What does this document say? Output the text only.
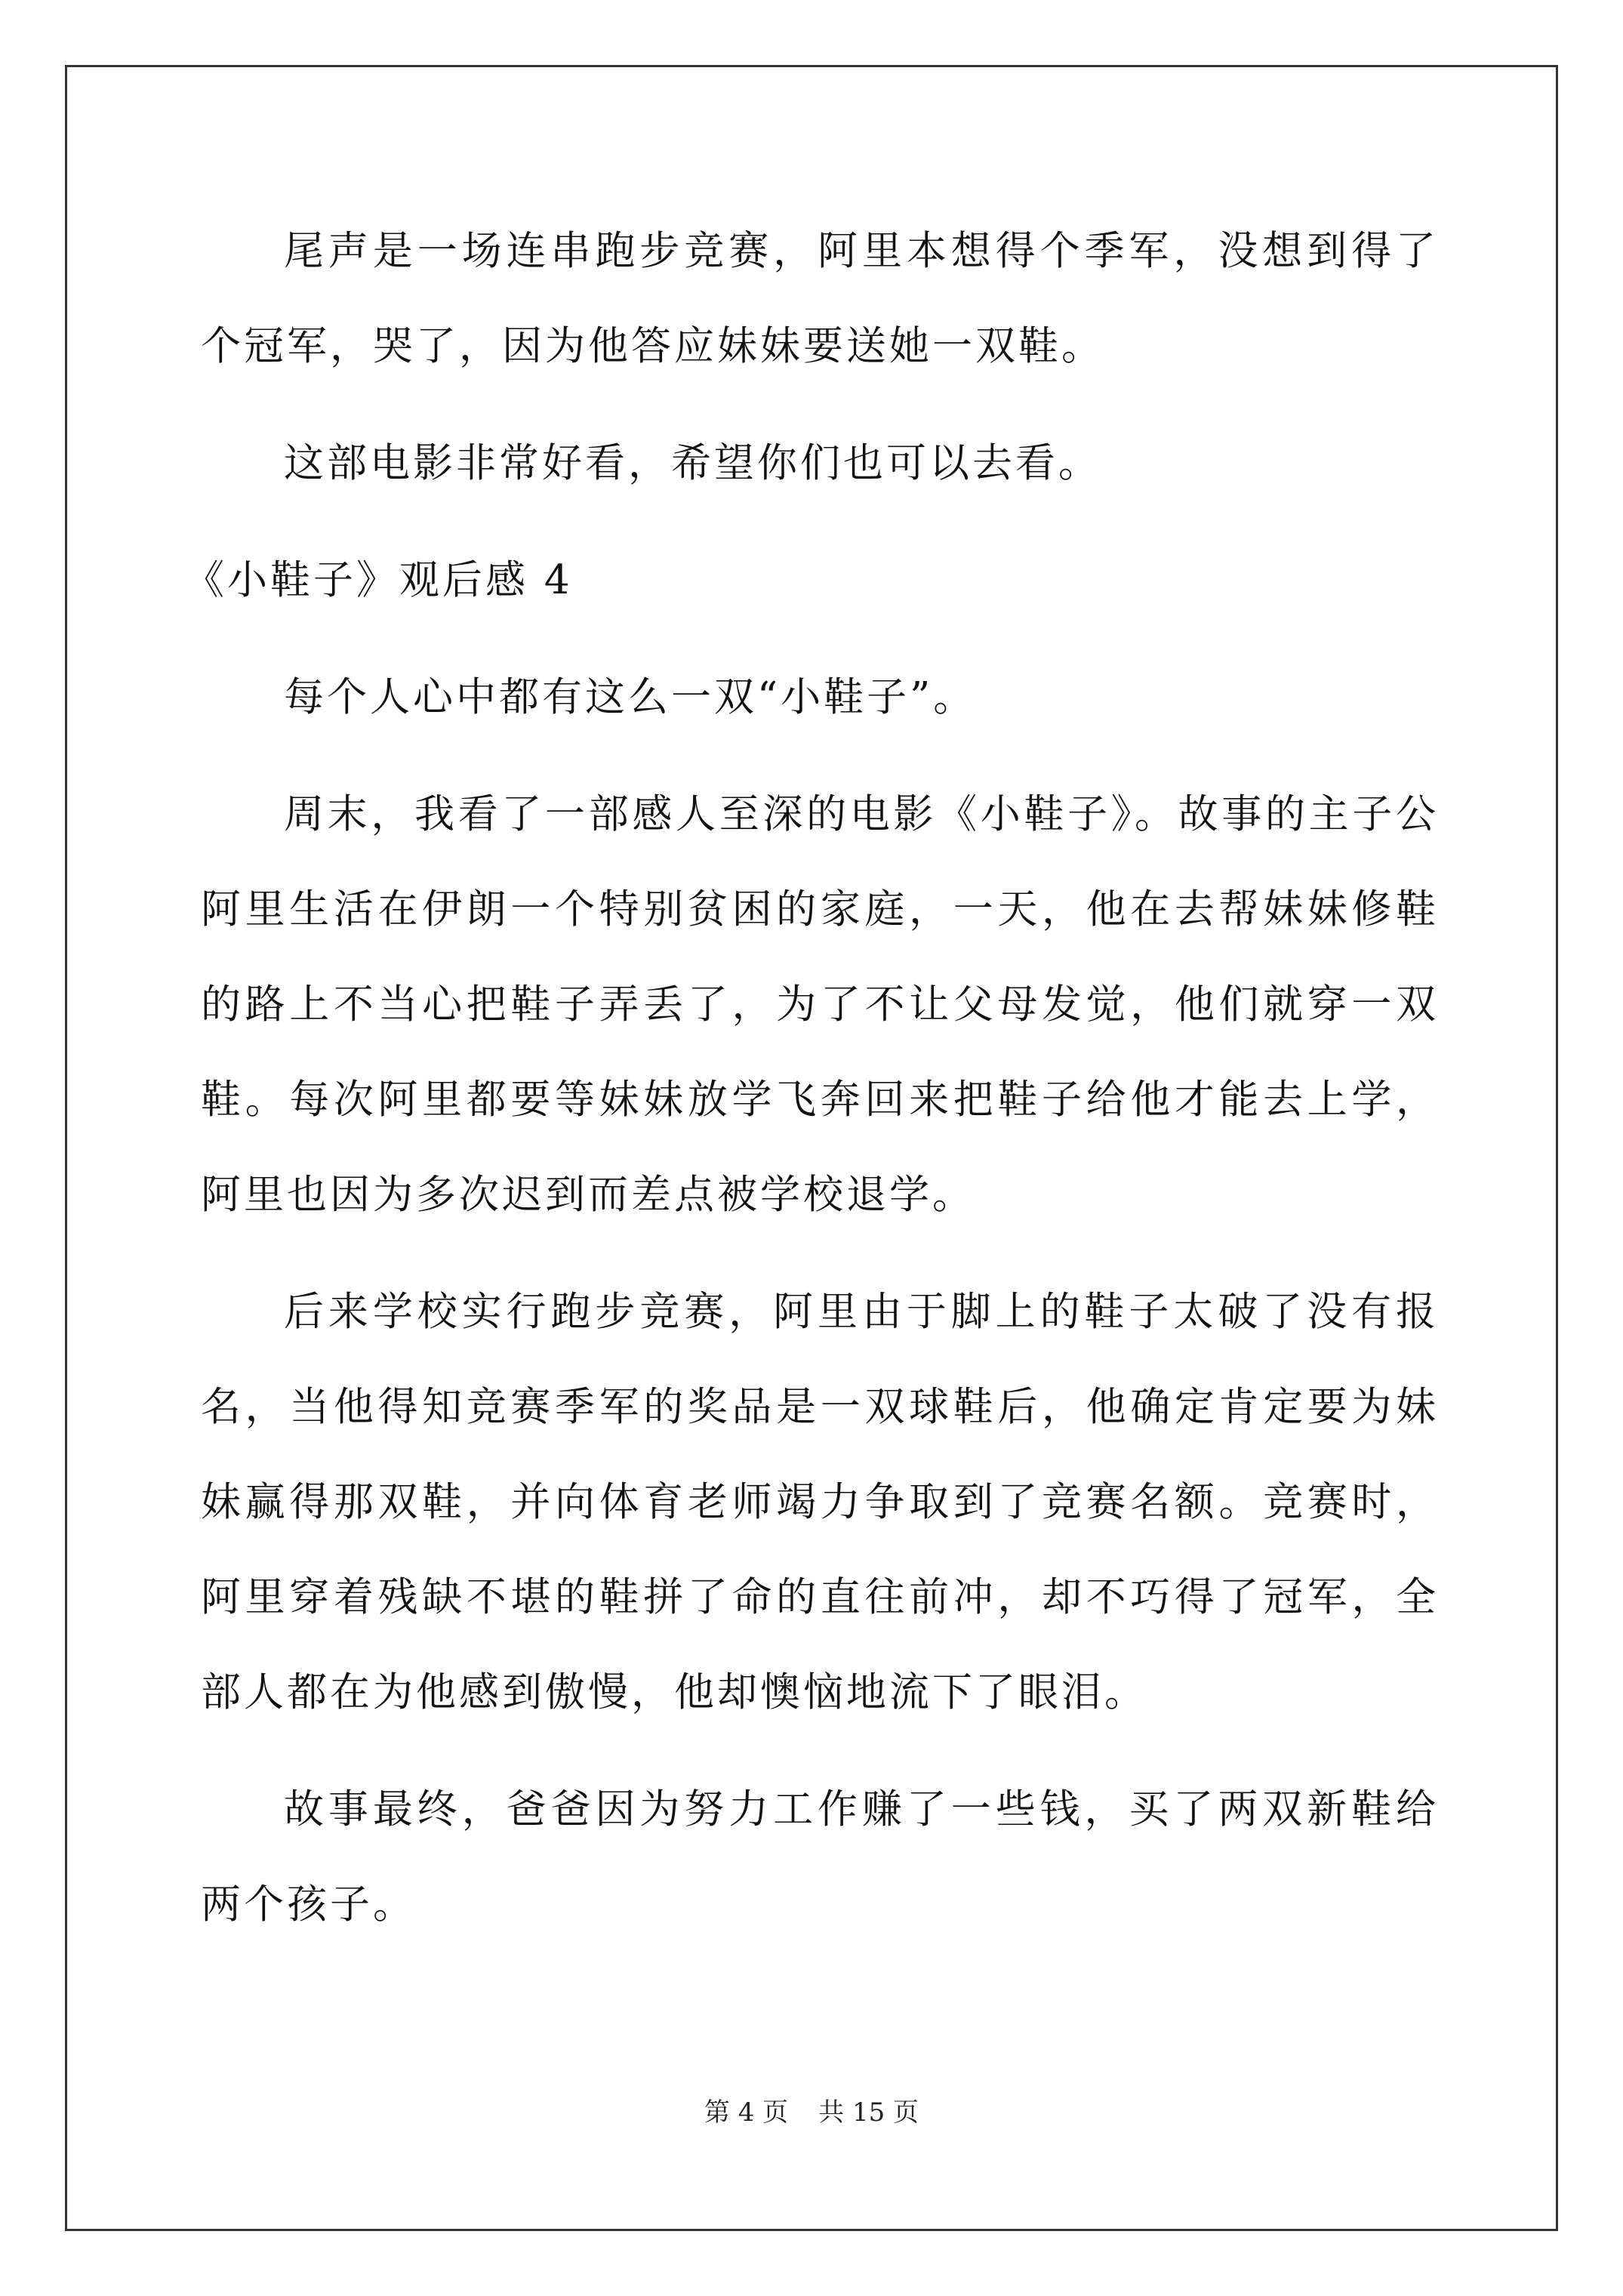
尾声是一场连串跑步竞赛，阿里本想得个季军，没想到得了个冠军，哭了，因为他答应妹妹要送她一双鞋。

这部电影非常好看，希望你们也可以去看。

《小鞋子》观后感 4

每个人心中都有这么一双“小鞋子”。

周末，我看了一部感人至深的电影《小鞋子》。故事的主子公阿里生活在伊朗一个特别贫困的家庭，一天，他在去帮妹妹修鞋的路上不当心把鞋子弄丢了，为了不让父母发觉，他们就穿一双鞋。每次阿里都要等妹妹放学飞奔回来把鞋子给他才能去上学，阿里也因为多次迟到而差点被学校退学。

后来学校实行跑步竞赛，阿里由于脚上的鞋子太破了没有报名，当他得知竞赛季军的奖品是一双球鞋后，他确定肯定要为妹妹赢得那双鞋，并向体育老师竭力争取到了竞赛名额。竞赛时，阿里穿着残缺不堪的鞋拼了命的直往前冲，却不巧得了冠军，全部人都在为他感到傲慢，他却懊恼地流下了眼泪。

故事最终，爸爸因为努力工作赚了一些钱，买了两双新鞋给两个孩子。

第 4 页 共 15 页
